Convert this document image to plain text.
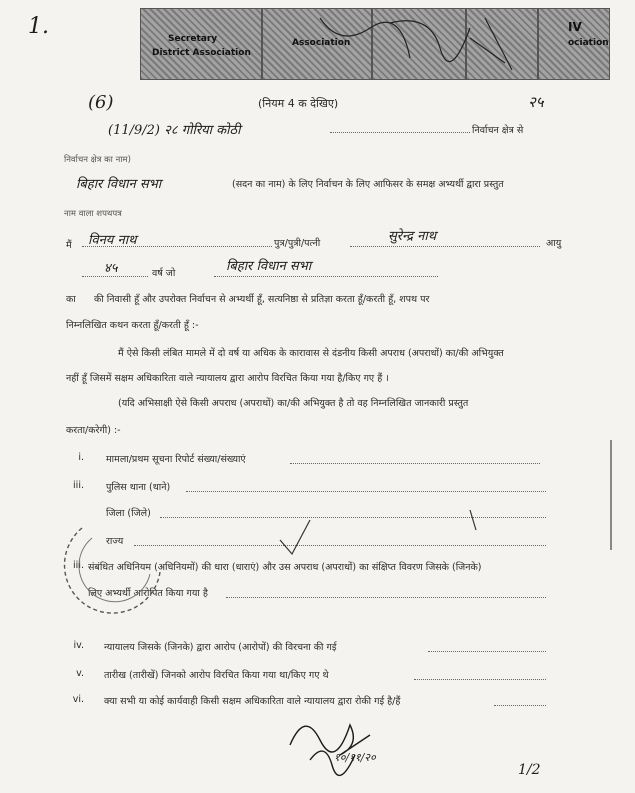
1.	Secretary
District Association
Association
IV
ociation
(6)	(नियम 4 क देखिए)	२५
(11/9/2) २८ गोरिया कोठी	निर्वाचन क्षेत्र से
निर्वाचन क्षेत्र का नाम)
बिहार विधान सभा	(सदन का नाम) के लिए निर्वाचन के लिए आफिसर के समक्ष अभ्यर्थी द्वारा प्रस्तुत
नाम वाला शपथपत्र
मैं विनय नाथ	पुत्र/पुत्री/पत्नी	सुरेन्द्र नाथ	आयु
४५	वर्ष जो	बिहार विधान सभा
का की निवासी हूँ और उपरोक्त निर्वाचन से अभ्यर्थी हूँ, सत्यनिष्ठा से प्रतिज्ञा करता हूँ/करती हूँ, शपथ पर
निम्नलिखित कथन करता हूँ/करती हूँ :-
मैं ऐसे किसी लंबित मामले में दो वर्ष या अधिक के कारावास से दंडनीय किसी अपराध (अपराधों) का/की अभियुक्त
नहीं हूँ जिसमें सक्षम अधिकारिता वाले न्यायालय द्वारा आरोप विरचित किया गया है/किए गए हैं ।
(यदि अभिसाक्षी ऐसे किसी अपराध (अपराधों) का/की अभियुक्त है तो वह निम्नलिखित जानकारी प्रस्तुत
करता/करेगी) :-
i. मामला/प्रथम सूचना रिपोर्ट संख्या/संख्याएं
iii. पुलिस थाना (थाने)
जिला (जिले)
राज्य
iii. संबंधित अधिनियम (अधिनियमों) की धारा (धाराएं) और उस अपराध (अपराधों) का संक्षिप्त विवरण जिसके (जिनके)
लिए अभ्यर्थी आरोपित किया गया है
iv. न्यायालय जिसके (जिनके) द्वारा आरोप (आरोपों) की विरचना की गई
v. तारीख (तारीखें) जिनको आरोप विरचित किया गया था/किए गए थे
vi. क्या सभी या कोई कार्यवाही किसी सक्षम अधिकारिता वाले न्यायालय द्वारा रोकी गई है/हैं
१०/११/२०
1/2
